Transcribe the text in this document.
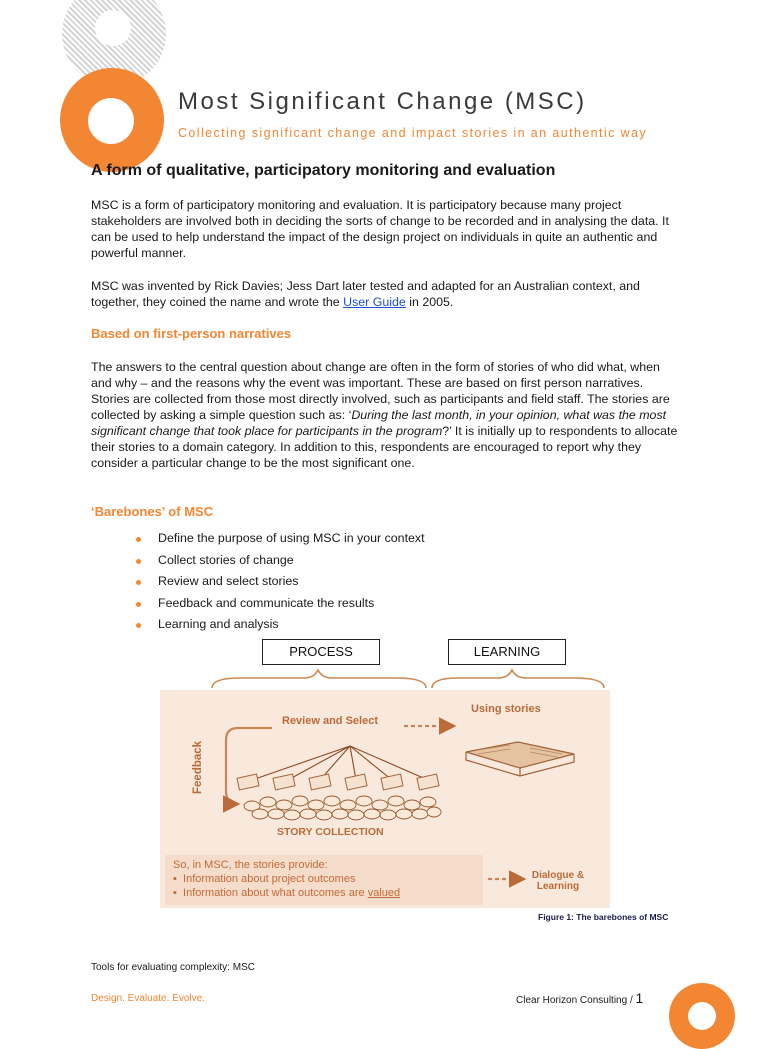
Most Significant Change (MSC)
Collecting significant change and impact stories in an authentic way
A form of qualitative, participatory monitoring and evaluation
MSC is a form of participatory monitoring and evaluation. It is participatory because many project stakeholders are involved both in deciding the sorts of change to be recorded and in analysing the data. It can be used to help understand the impact of the design project on individuals in quite an authentic and powerful manner.
MSC was invented by Rick Davies; Jess Dart later tested and adapted for an Australian context, and together, they coined the name and wrote the User Guide in 2005.
Based on first-person narratives
The answers to the central question about change are often in the form of stories of who did what, when and why – and the reasons why the event was important. These are based on first person narratives. Stories are collected from those most directly involved, such as participants and field staff. The stories are collected by asking a simple question such as: ‘During the last month, in your opinion, what was the most significant change that took place for participants in the program?’ It is initially up to respondents to allocate their stories to a domain category. In addition to this, respondents are encouraged to report why they consider a particular change to be the most significant one.
‘Barebones’ of MSC
Define the purpose of using MSC in your context
Collect stories of change
Review and select stories
Feedback and communicate the results
Learning and analysis
PROCESS	LEARNING
Review and Select
Using stories
Feedback
STORY COLLECTION
So, in MSC, the stories provide:
▪  Information about project outcomes
▪  Information about what outcomes are valued
Dialogue &
Learning
Figure 1: The barebones of MSC
Tools for evaluating complexity: MSC
Design. Evaluate. Evolve.	Clear Horizon Consulting / 1
